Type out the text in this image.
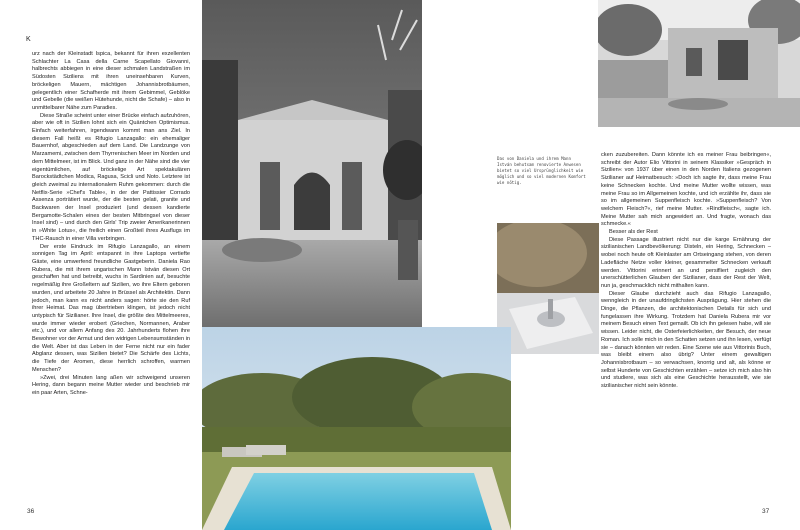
K

urz nach der Kleinstadt Ispica, bekannt für ihren exzellenten Schlachter La Casa della Carne Scapellato Giovanni, halbrechts abbiegen in eine dieser schmalen Landstraßen im Südosten Siziliens mit ihren uneinsehbaren Kurven, bröckeligen Mauern, mächtigen Johannisbrotbäumen, gelegentlich einer Schafherde mit ihrem Gebimmel, Geblöke und Gebelle (die weißen Hütehunde, nicht die Schafe) – also in unmittelbarer Nähe zum Paradies.

Diese Straße scheint unter einer Brücke einfach aufzuhören, aber wie oft in Sizilien lohnt sich ein Quäntchen Optimismus. Einfach weiterfahren, irgendwann kommt man ans Ziel. In diesem Fall heißt es Rifugio Lanzagallo: ein ehemaliger Bauernhof, abgeschieden auf dem Land. Die Landzunge von Marzamemi, zwischen dem Thyrrenischen Meer im Norden und dem Mittelmeer, ist im Blick. Und ganz in der Nähe sind die vier eigentümlichen, auf bröckelige Art spektakulären Barockstädtchen Modica, Ragusa, Scicli und Noto. Letztere ist gleich zweimal zu internationalem Ruhm gekommen: durch die Netflix-Serie »Chef's Table«, in der der Pattissier Corrado Assenza porträtiert wurde, der die besten gelati, granite und Backwaren der Insel produziert (und dessen kandierte Bergamotte-Schalen eines der besten Mitbringsel von dieser Insel sind) – und durch den Girls' Trip zweier Amerikanerinnen in »White Lotus«, die freilich einen Großteil ihres Ausflugs im THC-Rausch in einer Villa verbringen.

Der erste Eindruck im Rifugio Lanzagallo, an einem sonnigen Tag im April: entspannt in ihre Laptops vertiefte Gäste, eine umwerfend freundliche Gastgeberin. Daniela Rao Rubera, die mit ihrem ungarischen Mann István diesen Ort geschaffen hat und betreibt, wuchs in Sardinien auf, besuchte regelmäßig ihre Großeltern auf Sizilien, wo ihre Eltern geboren wurden, und arbeitete 20 Jahre in Brüssel als Architektin. Dann jedoch, man kann es nicht anders sagen: hörte sie den Ruf ihrer Heimat. Das mag übertrieben klingen, ist jedoch nicht untypisch für Sizilianer. Ihre Insel, die größte des Mittelmeeres, wurde immer wieder erobert (Griechen, Normannen, Araber etc.), und vor allem Anfang des 20. Jahrhunderts flohen ihre Bewohner vor der Armut und den widrigen Lebensumständen in die Welt. Aber ist das Leben in der Ferne nicht nur ein fader Abglanz dessen, was Sizilien bietet? Die Schärfe des Lichts, die Tiefe der Aromen, diese herrlich schroffen, warmen Menschen?

»Zwei, drei Minuten lang aßen wir schweigend unseren Hering, dann begann meine Mutter wieder und beschrieb mir ein paar Arten, Schne-

Das von Daniela und ihrem Mann István behutsam renovierte Anwesen bietet so viel Ursprünglichkeit wie möglich und so viel modernen Komfort wie nötig.

cken zuzubereiten. Dann könnte ich es meiner Frau beibringen«, schreibt der Autor Elio Vittorini in seinem Klassiker »Gespräch in Sizilien« von 1937 über einen in den Norden Italiens gezogenen Sizilianer auf Heimatbesuch: »Doch ich sagte ihr, dass meine Frau keine Schnecken kochte. Und meine Mutter wollte wissen, was meine Frau so im Allgemeinen kochte, und ich erzählte ihr, dass sie so im allgemeinen Suppenfleisch kochte. »Suppenfleisch? Von welchem Fleisch?«, rief meine Mutter. »Rindfleisch«, sagte ich. Meine Mutter sah mich angewidert an. Und fragte, wonach das schmecke.«

Besser als der Rest

Diese Passage illustriert nicht nur die karge Ernährung der sizilianischen Landbevölkerung: Disteln, ein Hering, Schnecken – wobei noch heute oft Kleinlaster am Ortseingang stehen, von deren Ladefläche Netze voller kleiner, gesammelter Schnecken verkauft werden. Vittorini erinnert an und persifliert zugleich den unerschütterlichen Glauben der Sizilianer, dass der Rest der Welt, nun ja, geschmacklich nicht mithalten kann.

Dieser Glaube durchzieht auch das Rifugio Lanzagallo, wenngleich in der unaufdringlichsten Ausprägung. Hier stehen die Dinge, die Pflanzen, die architektonischen Details für sich und fungelassen ihre Wirkung. Trotzdem hat Daniela Rubera mir vor meinem Besuch einen Text gemailt. Ob ich ihn gelesen habe, will sie wissen. Leider nicht, die Osterfeierlichkeiten, der Besuch, der neue Roman. Ich solle mich in den Schatten setzen und ihn lesen, verfügt sie – danach könnten wir reden. Eine Szene wie aus Vittorinis Buch, was bleibt einem also übrig? Unter einem gewaltigen Johannisbrotbaum – so verwachsen, knorrig und alt, als könne er selbst Hunderte von Geschichten erzählen – setze ich mich also hin und studiere, was sich als eine Geschichte herausstellt, wie sie sizilianischer nicht sein könnte.

36	37
